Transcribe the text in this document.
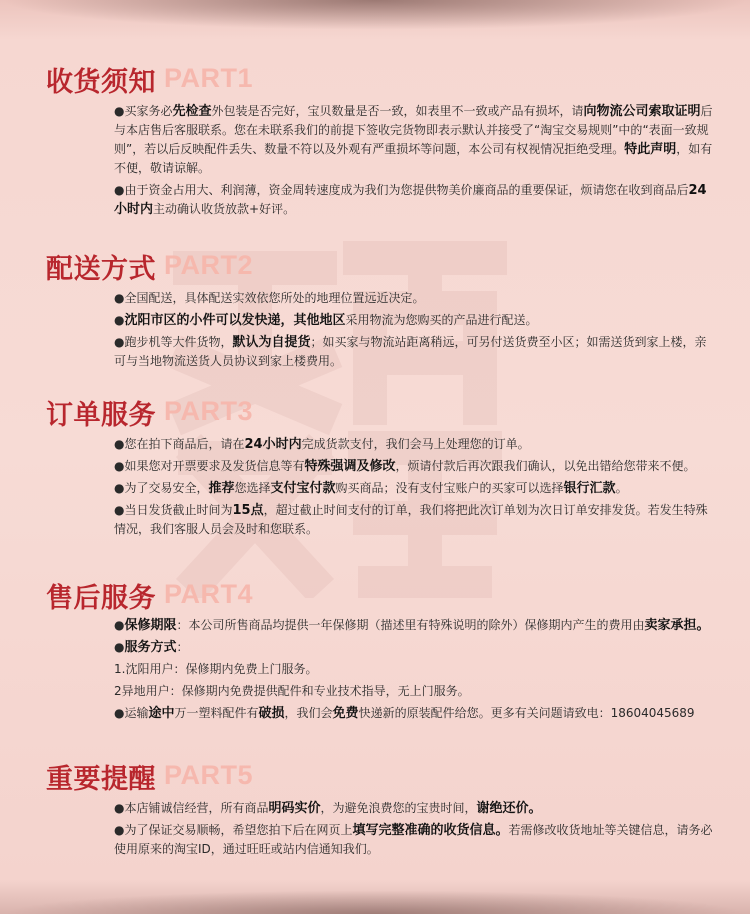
收货须知 PART1
●买家务必先检查外包装是否完好，宝贝数量是否一致，如表里不一致或产品有损坏，请向物流公司索取证明后与本店售后客服联系。您在未联系我们的前提下签收完货物即表示默认并接受了“淘宝交易规则”中的“表面一致规则”，若以后反映配件丢失、数量不符以及外观有严重损坏等问题，本公司有权视情况拒绝受理。特此声明，如有不便，敬请谅解。
●由于资金占用大、利润薄，资金周转速度成为我们为您提供物美价廉商品的重要保证，烦请您在收到商品后24小时内主动确认收货放款+好评。
配送方式 PART2
●全国配送，具体配送实效依您所处的地理位置远近决定。
●沈阳市区的小件可以发快递，其他地区采用物流为您购买的产品进行配送。
●跑步机等大件货物，默认为自提货；如买家与物流站距离稍远，可另付送货费至小区；如需送货到家上楼，亲可与当地物流送货人员协议到家上楼费用。
订单服务 PART3
●您在拍下商品后，请在24小时内完成货款支付，我们会马上处理您的订单。
●如果您对开票要求及发货信息等有特殊强调及修改，烦请付款后再次跟我们确认，以免出错给您带来不便。
●为了交易安全，推荐您选择支付宝付款购买商品；没有支付宝账户的买家可以选择银行汇款。
●当日发货截止时间为15点，超过截止时间支付的订单，我们将把此次订单划为次日订单安排发货。若发生特殊情况，我们客服人员会及时和您联系。
售后服务 PART4
●保修期限：本公司所售商品均提供一年保修期（描述里有特殊说明的除外）保修期内产生的费用由卖家承担。
●服务方式：
1.沈阳用户：保修期内免费上门服务。
2异地用户：保修期内免费提供配件和专业技术指导，无上门服务。
●运输途中万一塑料配件有破损，我们会免费快递新的原装配件给您。更多有关问题请致电：18604045689
重要提醒 PART5
●本店铺诚信经营，所有商品明码实价，为避免浪费您的宝贵时间，谢绝还价。
●为了保证交易顺畅，希望您拍下后在网页上填写完整准确的收货信息。若需修改收货地址等关键信息，请务必使用原来的淘宝ID，通过旺旺或站内信通知我们。
